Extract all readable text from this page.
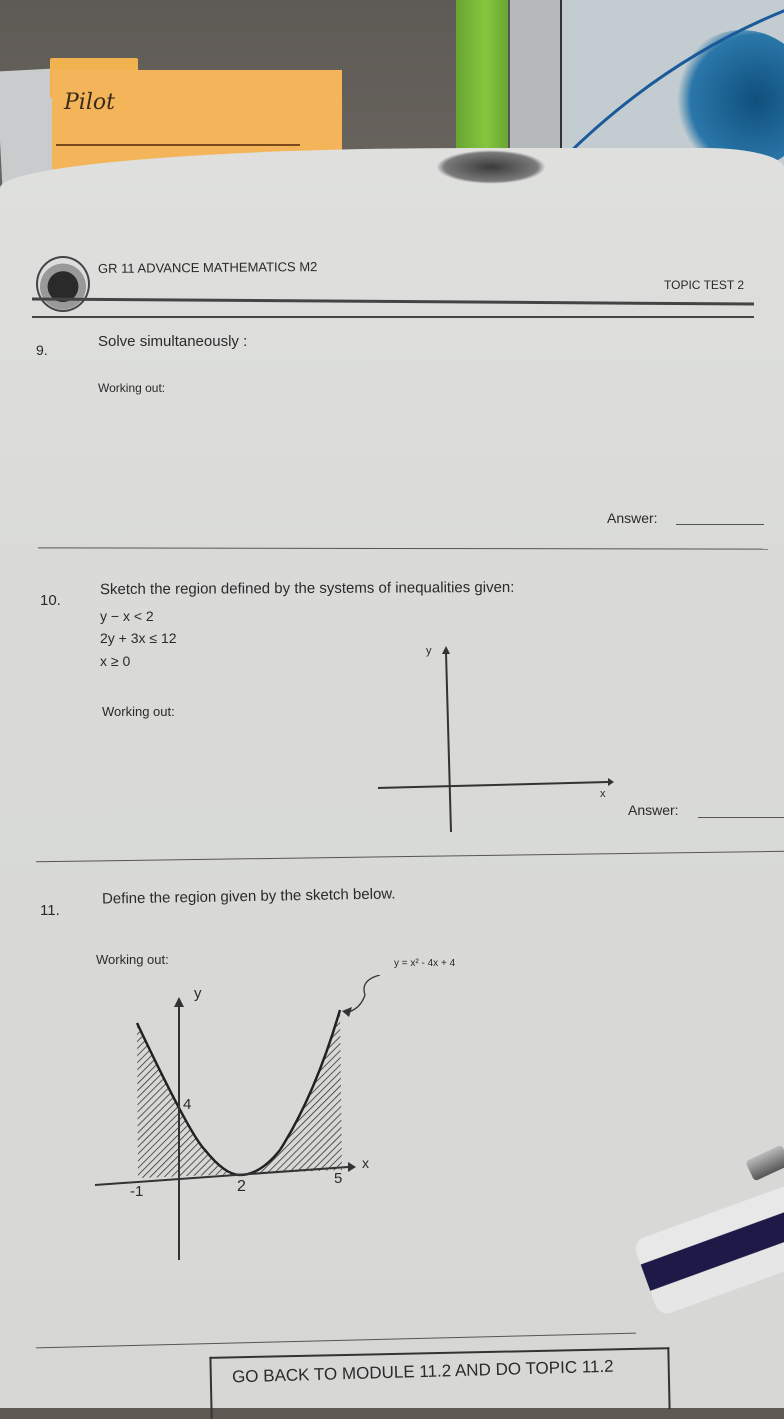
Pilot
GR 11 ADVANCE MATHEMATICS M2
TOPIC TEST 2
9.	Solve simultaneously :
Working out:
Answer:
10.
Sketch the region defined by the systems of inequalities given:
y − x < 2
2y + 3x ≤ 12
x ≥ 0
Working out:
y
x
Answer:
11.
Define the region given by the sketch below.
Working out:	y = x² - 4x + 4
y
x
-1	2	5
4
GO BACK TO MODULE 11.2 AND DO TOPIC 11.2
